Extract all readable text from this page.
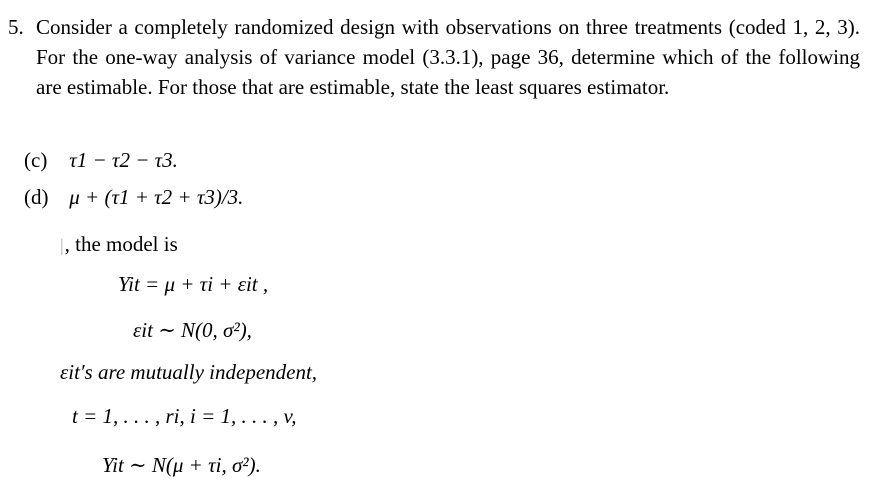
5. Consider a completely randomized design with observations on three treatments (coded 1, 2, 3). For the one-way analysis of variance model (3.3.1), page 36, determine which of the following are estimable. For those that are estimable, state the least squares estimator.
(c) τ1 − τ2 − τ3.
(d) μ + (τ1 + τ2 + τ3)/3.
|, the model is
Yit = μ + τi + εit ,
εit ∼ N(0, σ²),
εit′s are mutually independent,
t = 1, . . . , ri, i = 1, . . . , v,
Yit ∼ N(μ + τi, σ²).
